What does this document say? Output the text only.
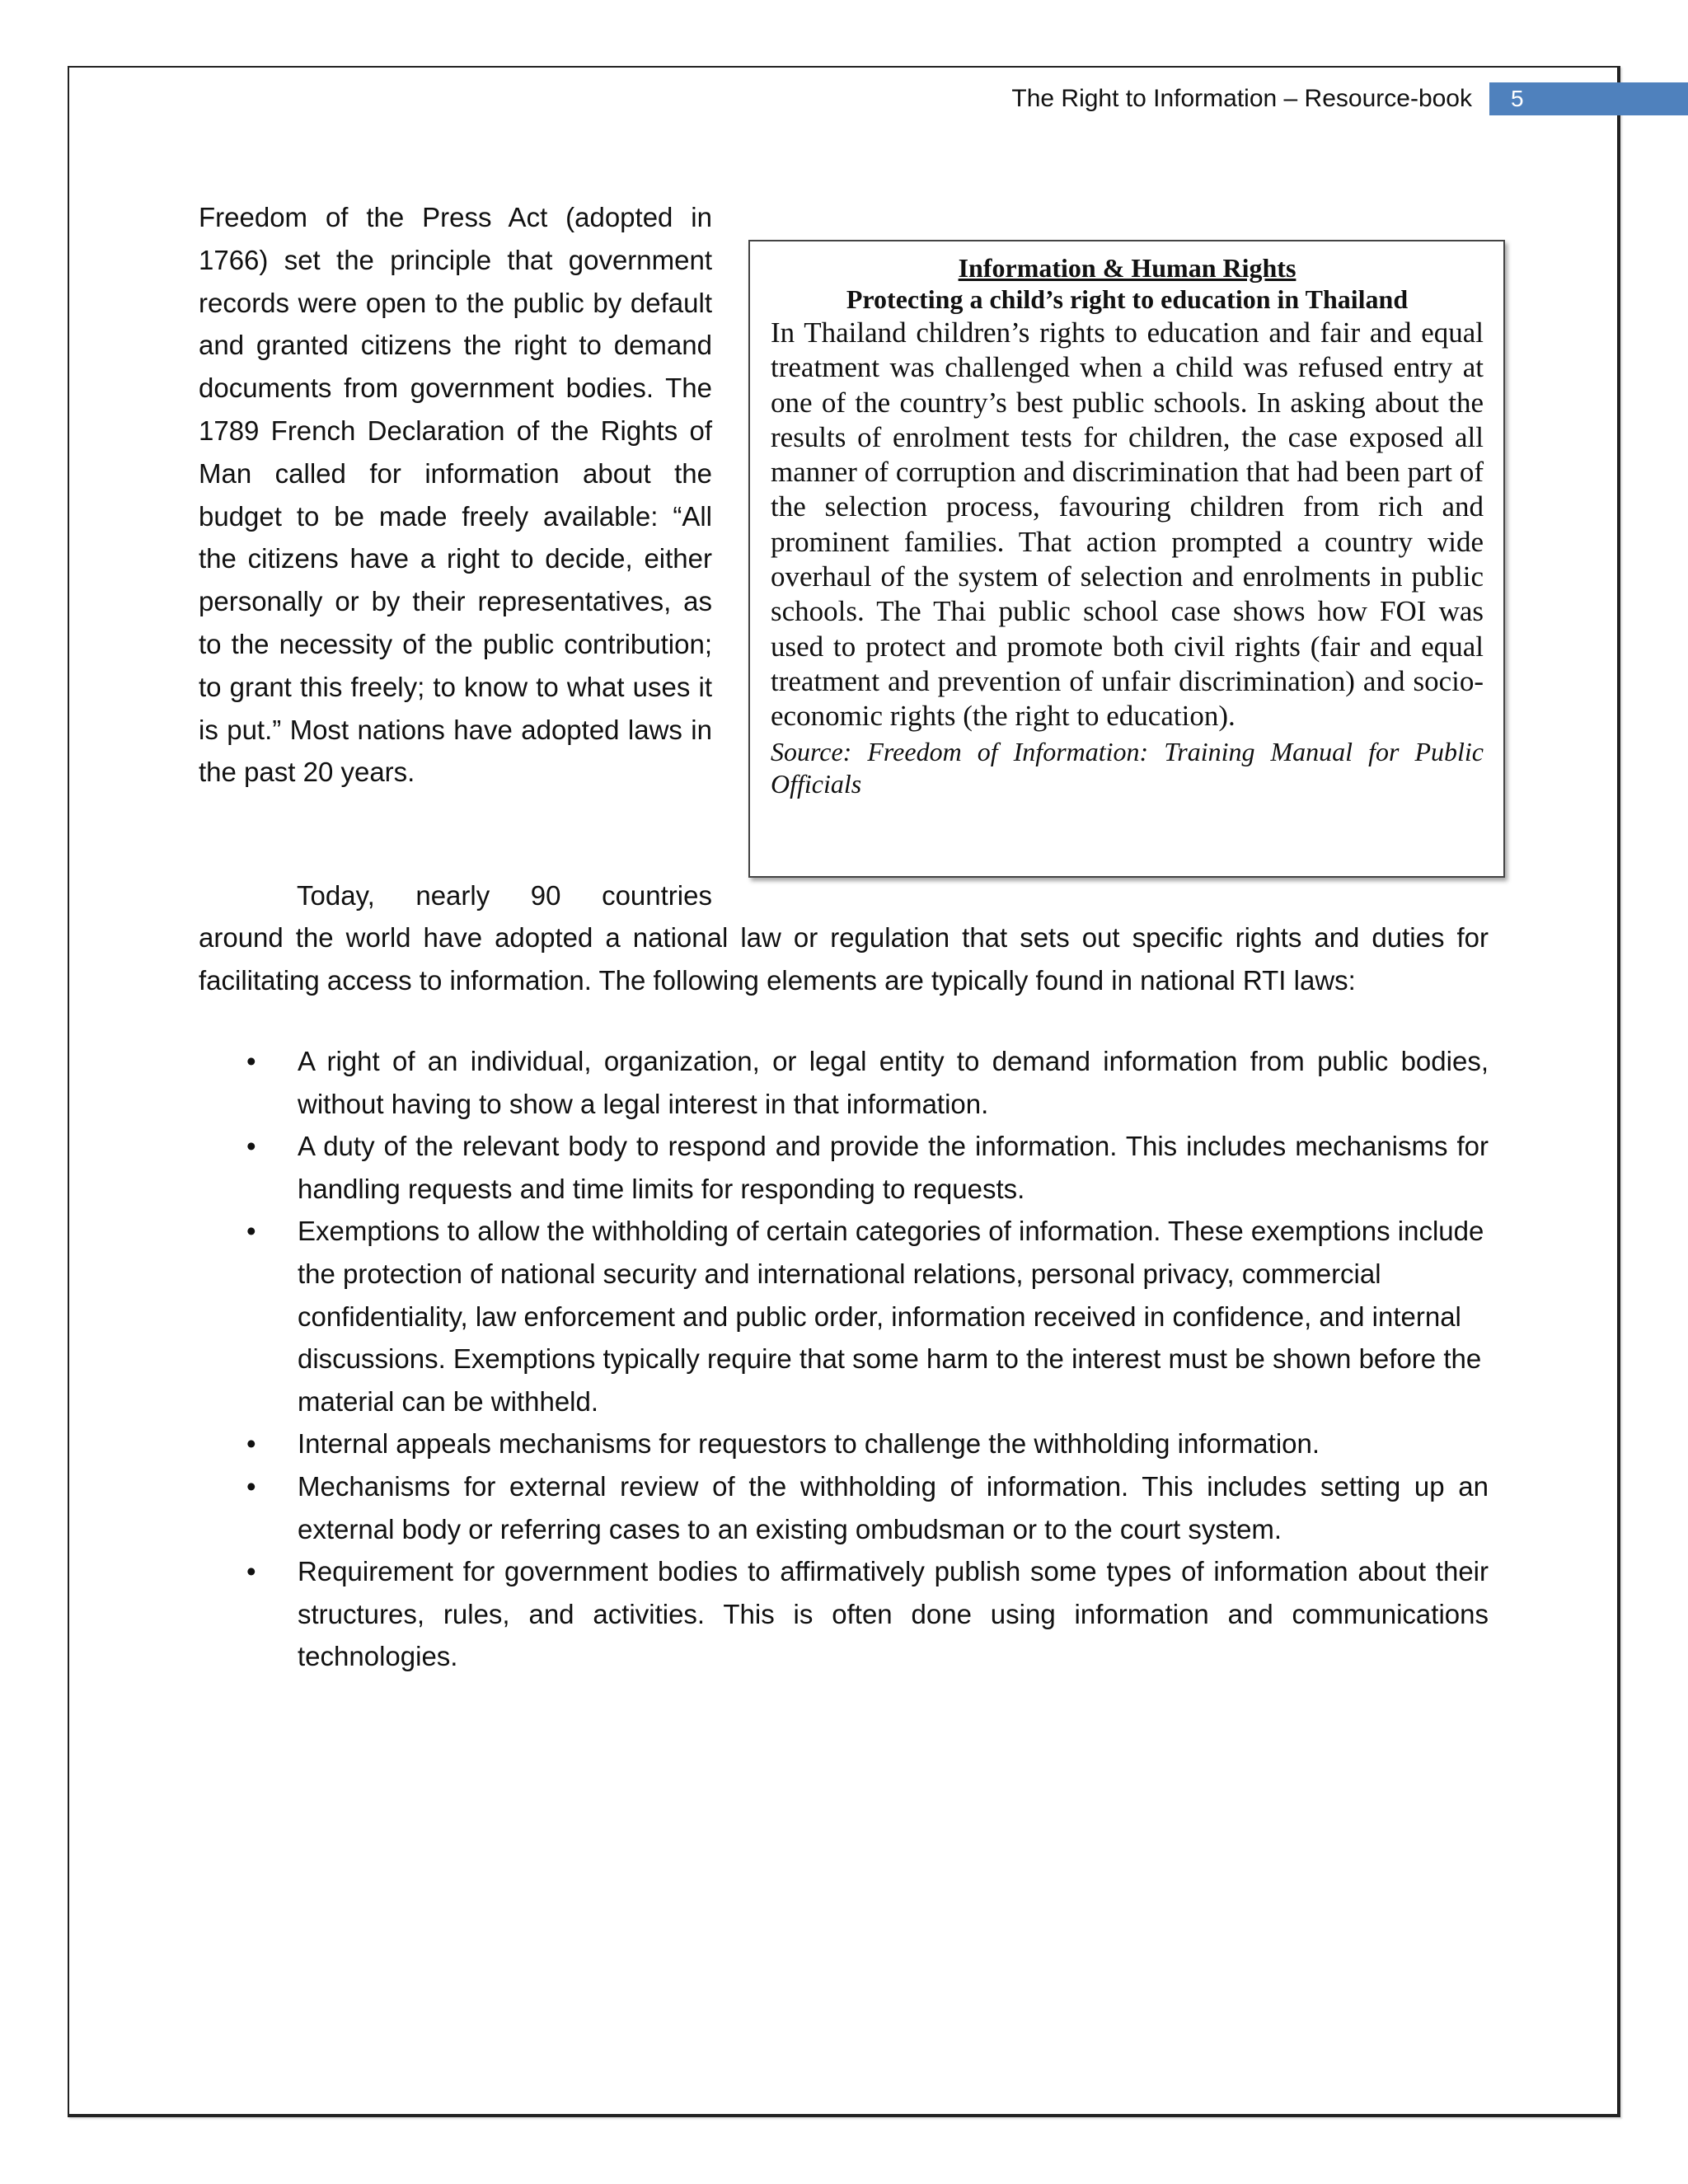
The Right to Information – Resource-book	5
Freedom of the Press Act (adopted in 1766) set the principle that government records were open to the public by default and granted citizens the right to demand documents from government bodies. The 1789 French Declaration of the Rights of Man called for information about the budget to be made freely available: “All the citizens have a right to decide, either personally or by their representatives, as to the necessity of the public contribution; to grant this freely; to know to what uses it is put.” Most nations have adopted laws in the past 20 years.
Information & Human Rights
Protecting a child’s right to education in Thailand
In Thailand children’s rights to education and fair and equal treatment was challenged when a child was refused entry at one of the country’s best public schools. In asking about the results of enrolment tests for children, the case exposed all manner of corruption and discrimination that had been part of the selection process, favouring children from rich and prominent families. That action prompted a country wide overhaul of the system of selection and enrolments in public schools. The Thai public school case shows how FOI was used to protect and promote both civil rights (fair and equal treatment and prevention of unfair discrimination) and socio-economic rights (the right to education).
Source: Freedom of Information: Training Manual for Public Officials
Today, nearly 90 countries
around the world have adopted a national law or regulation that sets out specific rights and duties for
facilitating access to information. The following elements are typically found in national RTI laws:
• A right of an individual, organization, or legal entity to demand information from public bodies, without having to show a legal interest in that information.
• A duty of the relevant body to respond and provide the information. This includes mechanisms for handling requests and time limits for responding to requests.
• Exemptions to allow the withholding of certain categories of information. These exemptions include the protection of national security and international relations, personal privacy, commercial confidentiality, law enforcement and public order, information received in confidence, and internal discussions. Exemptions typically require that some harm to the interest must be shown before the material can be withheld.
• Internal appeals mechanisms for requestors to challenge the withholding information.
• Mechanisms for external review of the withholding of information. This includes setting up an external body or referring cases to an existing ombudsman or to the court system.
• Requirement for government bodies to affirmatively publish some types of information about their structures, rules, and activities. This is often done using information and communications technologies.
